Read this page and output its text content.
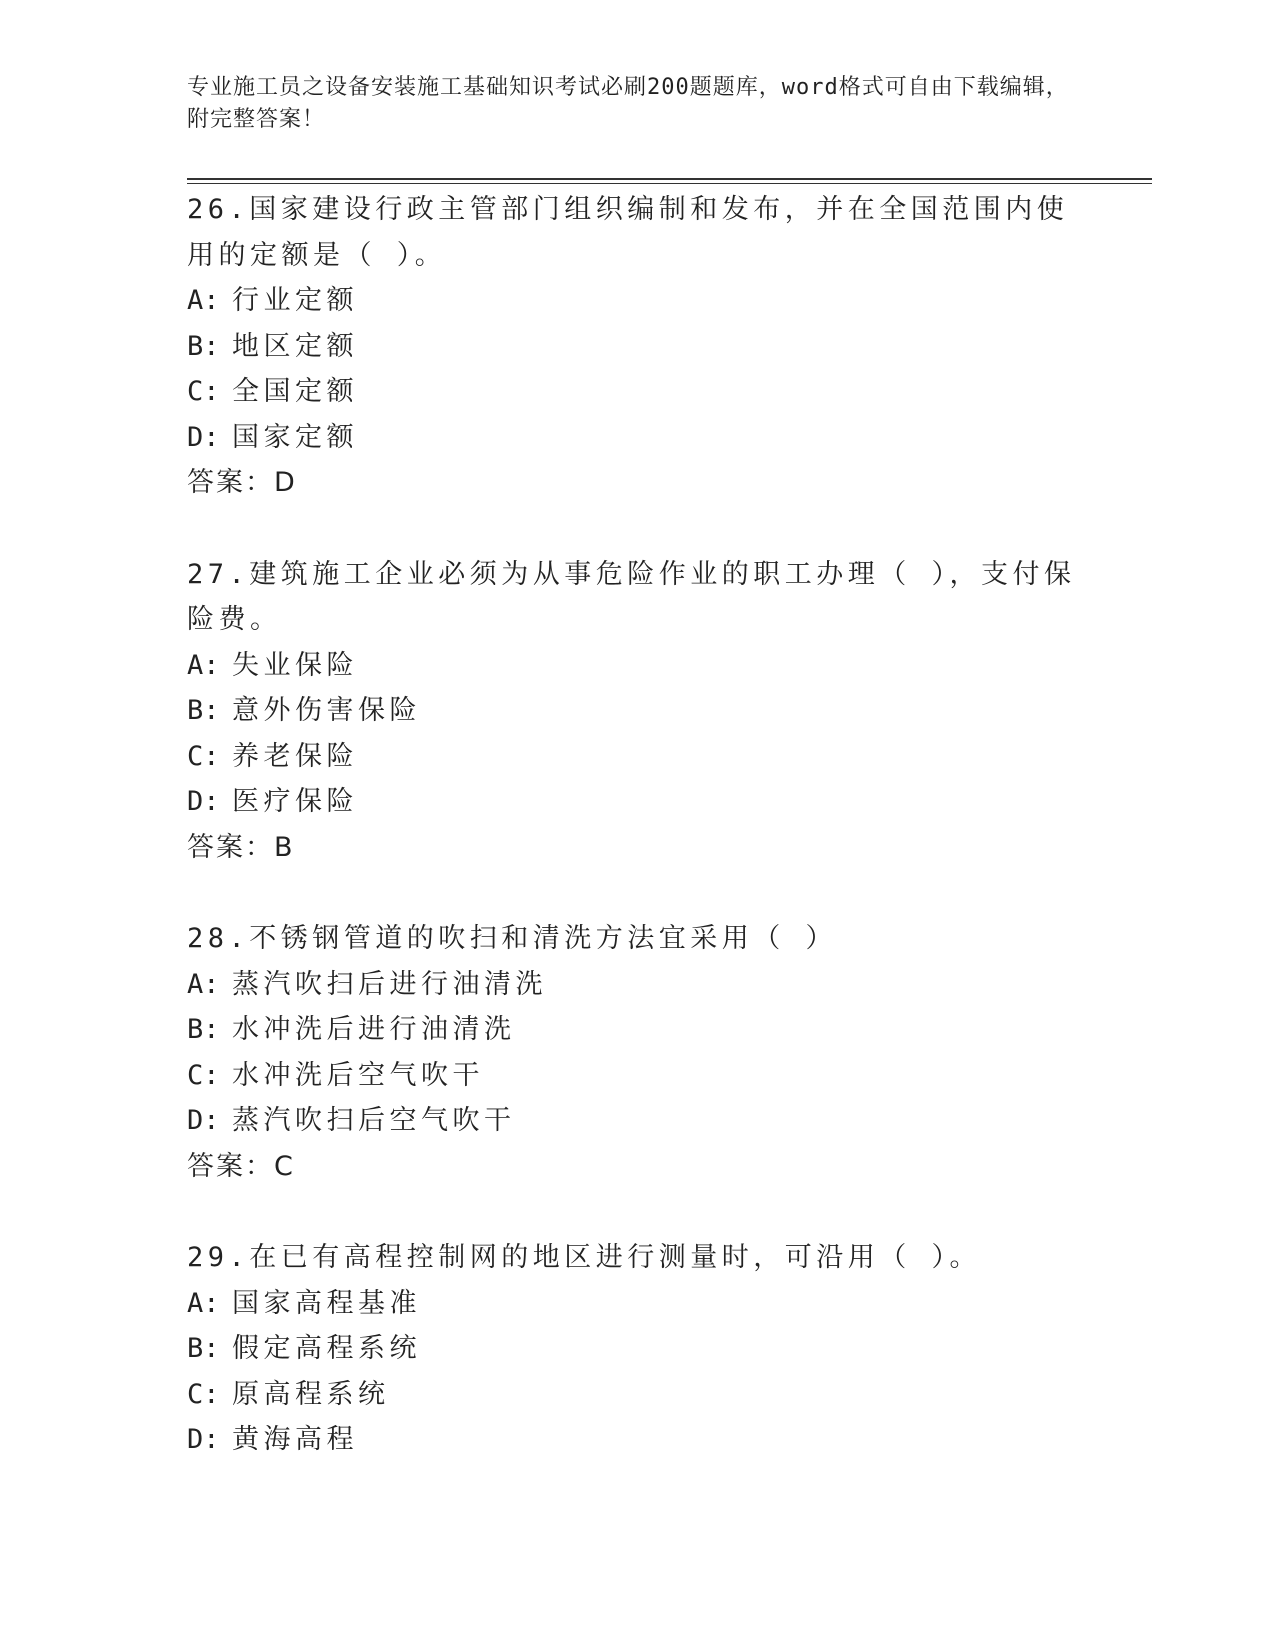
专业施工员之设备安装施工基础知识考试必刷200题题库，word格式可自由下载编辑，附完整答案！

26.国家建设行政主管部门组织编制和发布，并在全国范围内使用的定额是（ ）。

A: 行业定额
B: 地区定额
C: 全国定额
D: 国家定额
答案：D

27.建筑施工企业必须为从事危险作业的职工办理（ ），支付保险费。

A: 失业保险
B: 意外伤害保险
C: 养老保险
D: 医疗保险
答案：B

28.不锈钢管道的吹扫和清洗方法宜采用（ ）

A: 蒸汽吹扫后进行油清洗
B: 水冲洗后进行油清洗
C: 水冲洗后空气吹干
D: 蒸汽吹扫后空气吹干
答案：C

29.在已有高程控制网的地区进行测量时，可沿用（ ）。

A: 国家高程基准
B: 假定高程系统
C: 原高程系统
D: 黄海高程
